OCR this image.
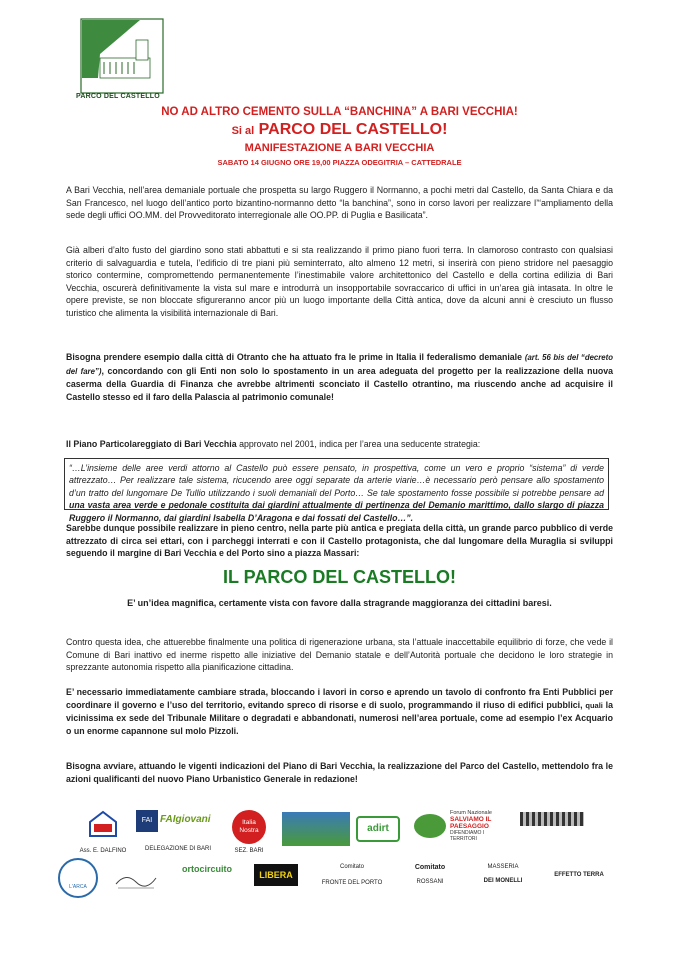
PARCO DEL CASTELLO
NO AD ALTRO CEMENTO SULLA “BANCHINA” A BARI VECCHIA!
Si al PARCO DEL CASTELLO!
MANIFESTAZIONE A BARI VECCHIA
SABATO 14 GIUGNO ORE 19,00 PIAZZA ODEGITRIA – CATTEDRALE
A Bari Vecchia, nell’area demaniale portuale che prospetta su largo Ruggero il Normanno, a pochi metri dal Castello, da Santa Chiara e da San Francesco, nel luogo dell’antico porto bizantino-normanno detto “la banchina”, sono in corso lavori per realizzare l’“ampliamento della sede degli uffici OO.MM. del Provveditorato interregionale alle OO.PP. di Puglia e Basilicata”.
Già alberi d’alto fusto del giardino sono stati abbattuti e si sta realizzando il primo piano fuori terra. In clamoroso contrasto con qualsiasi criterio di salvaguardia e tutela, l’edificio di tre piani più seminterrato, alto almeno 12 metri, si inserirà con pieno stridore nel paesaggio storico contermine, compromettendo permanentemente l’inestimabile valore architettonico del Castello e della cortina edilizia di Bari Vecchia, oscurerà definitivamente la vista sul mare e introdurrà un insopportabile sovraccarico di uffici in un’area già intasata. In oltre le opere previste, se non bloccate sfigureranno ancor più un luogo importante della Città antica, dove da alcuni anni è cresciuto un flusso turistico che alimenta la visibilità internazionale di Bari.
Bisogna prendere esempio dalla città di Otranto che ha attuato fra le prime in Italia il federalismo demaniale (art. 56 bis del “decreto del fare”), concordando con gli Enti non solo lo spostamento in un area adeguata del progetto per la realizzazione della nuova caserma della Guardia di Finanza che avrebbe altrimenti sconciato il Castello otrantino, ma riuscendo anche ad acquisire il Castello stesso ed il faro della Palascia al patrimonio comunale!
Il Piano Particolareggiato di Bari Vecchia approvato nel 2001, indica per l’area una seducente strategia:
“…L’insieme delle aree verdi attorno al Castello può essere pensato, in prospettiva, come un vero e proprio “sistema” di verde attrezzato… Per realizzare tale sistema, ricucendo aree oggi separate da arterie viarie…è necessario però pensare allo spostamento d’un tratto del lungomare De Tullio utilizzando i suoli demaniali del Porto… Se tale spostamento fosse possibile si potrebbe pensare ad una vasta area verde e pedonale costituita dai giardini attualmente di pertinenza del Demanio marittimo, dallo slargo di piazza Ruggero il Normanno, dai giardini Isabella D’Aragona e dai fossati del Castello…”.
Sarebbe dunque possibile realizzare in pieno centro, nella parte più antica e pregiata della città, un grande parco pubblico di verde attrezzato di circa sei ettari, con i parcheggi interrati e con il Castello protagonista, che dal lungomare della Muraglia si sviluppi seguendo il margine di Bari Vecchia e del Porto sino a piazza Massari:
IL PARCO DEL CASTELLO!
E’ un’idea magnifica, certamente vista con favore dalla stragrande maggioranza dei cittadini baresi.
Contro questa idea, che attuerebbe finalmente una politica di rigenerazione urbana, sta l’attuale inaccettabile equilibrio di forze, che vede il Comune di Bari inattivo ed inerme rispetto alle iniziative del Demanio statale e dell’Autorità portuale che decidono le loro strategie in sprezzante autonomia rispetto alla pianificazione cittadina.
E’ necessario immediatamente cambiare strada, bloccando i lavori in corso e aprendo un tavolo di confronto fra Enti Pubblici per coordinare il governo e l’uso del territorio, evitando spreco di risorse e di suolo, programmando il riuso di edifici pubblici, quali la vicinissima ex sede del Tribunale Militare o degradati e abbandonati, numerosi nell’area portuale, come ad esempio l’ex Acquario o un enorme capannone sul molo Pizzoli.
Bisogna avviare, attuando le vigenti indicazioni del Piano di Bari Vecchia, la realizzazione del Parco del Castello, mettendolo fra le azioni qualificanti del nuovo Piano Urbanistico Generale in redazione!
Ass. E. DALFINO
FAI FAIgiovani
DELEGAZIONE DI BARI
Italia Nostra
SEZ. BARI
adirt
Forum Nazionale
SALVIAMO IL PAESAGGIO
DIFENDIAMO I TERRITORI
L'ARCA
ortocircuito
LIBERA
Comitato
FRONTE DEL PORTO
Comitato
ROSSANI
MASSERIA
DEI MONELLI
EFFETTO TERRA
